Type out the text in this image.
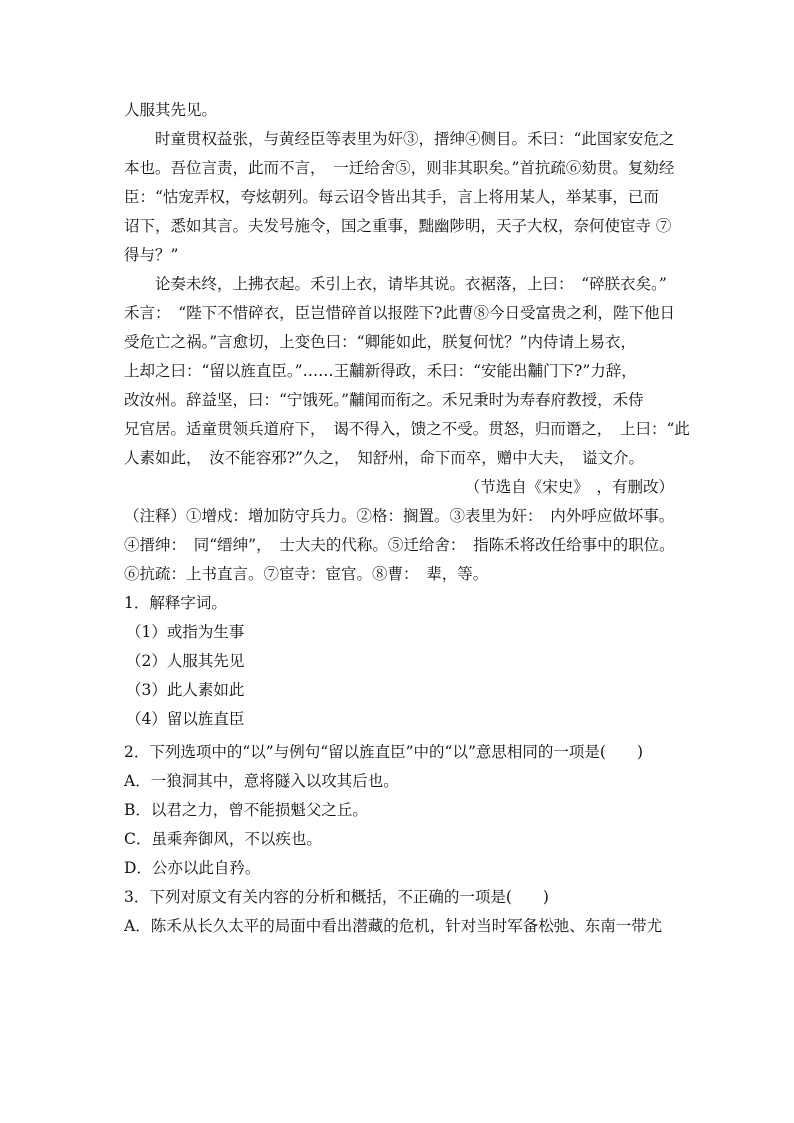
人服其先见。
时童贯权益张，与黄经臣等表里为奸③，搢绅④侧目。禾曰：“此国家安危之
本也。吾位言责，此而不言，　一迁给舍⑤，则非其职矣。”首抗疏⑥劾贯。复劾经
臣：“怙宠弄权，夸炫朝列。每云诏令皆出其手，言上将用某人，举某事，已而
诏下，悉如其言。夫发号施令，国之重事，黜幽陟明，天子大权，奈何使宦寺 ⑦
得与？”
论奏未终，上拂衣起。禾引上衣，请毕其说。衣裾落，上曰：　“碎朕衣矣。”
禾言：　“陛下不惜碎衣，臣岂惜碎首以报陛下?此曹⑧今日受富贵之利，陛下他日
受危亡之祸。”言愈切，上变色曰：“卿能如此，朕复何忧？”内侍请上易衣，
上却之曰：“留以旌直臣。”……王黼新得政，禾曰：“安能出黼门下?”力辞，
改汝州。辞益坚，曰：“宁饿死。”黼闻而衔之。禾兄秉时为寿春府教授，禾侍
兄官居。适童贯领兵道府下，　谒不得入，馈之不受。贯怒，归而谮之，　上曰：“此
人素如此，　汝不能容邪?”久之，　知舒州，命下而卒，赠中大夫，　谥文介。
（节选自《宋史》　，有删改）
（注释）①增戍：增加防守兵力。②格：搁置。③表里为奸：　内外呼应做坏事。
④搢绅：　同“缙绅”，　士大夫的代称。⑤迁给舍：　指陈禾将改任给事中的职位。
⑥抗疏：上书直言。⑦宦寺：宦官。⑧曹：　辈，等。
1．解释字词。
（1）或指为生事
（2）人服其先见
（3）此人素如此
（4）留以旌直臣
2．下列选项中的“以”与例句“留以旌直臣”中的“以”意思相同的一项是(　　)
A．一狼洞其中，意将隧入以攻其后也。
B．以君之力，曾不能损魁父之丘。
C．虽乘奔御风，不以疾也。
D．公亦以此自矜。
3．下列对原文有关内容的分析和概括，不正确的一项是(　　)
A．陈禾从长久太平的局面中看出潜藏的危机，针对当时军备松弛、东南一带尤
